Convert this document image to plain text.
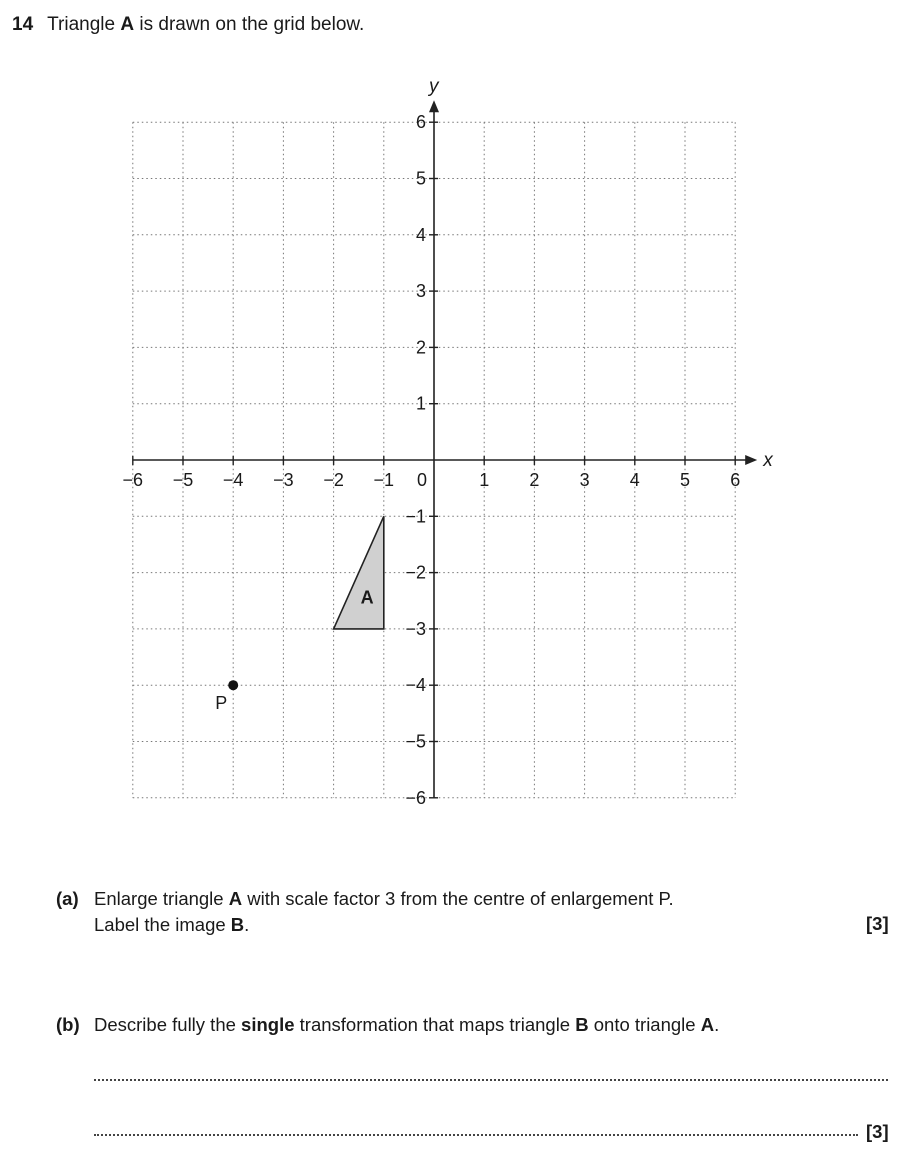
14 Triangle A is drawn on the grid below.
x
y
−6 −5 −4 −3 −2 −1	1 2 3 4 5 6
0
−6
−5
−4
−3
−2
−1
1
2
3
4
5
6
A
P
(a) Enlarge triangle A with scale factor 3 from the centre of enlargement P.
Label the image B.	[3]
(b) Describe fully the single transformation that maps triangle B onto triangle A.
[3]
